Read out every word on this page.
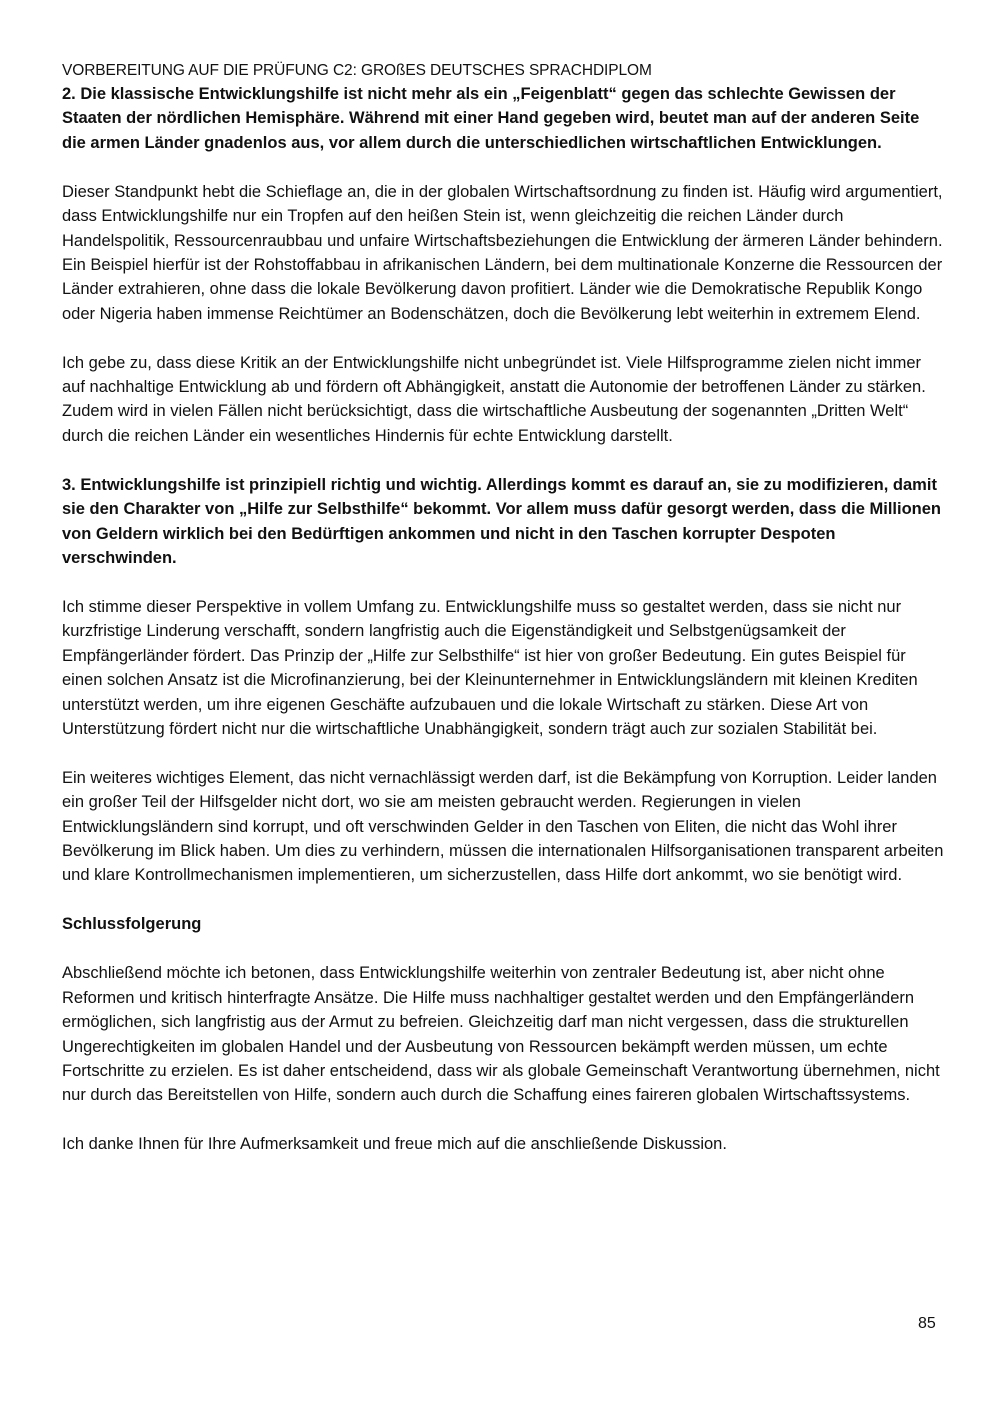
VORBEREITUNG AUF DIE PRÜFUNG C2: GROßES DEUTSCHES SPRACHDIPLOM

2. Die klassische Entwicklungshilfe ist nicht mehr als ein „Feigenblatt“ gegen das schlechte Gewissen der Staaten der nördlichen Hemisphäre. Während mit einer Hand gegeben wird, beutet man auf der anderen Seite die armen Länder gnadenlos aus, vor allem durch die unterschiedlichen wirtschaftlichen Entwicklungen.

Dieser Standpunkt hebt die Schieflage an, die in der globalen Wirtschaftsordnung zu finden ist. Häufig wird argumentiert, dass Entwicklungshilfe nur ein Tropfen auf den heißen Stein ist, wenn gleichzeitig die reichen Länder durch Handelspolitik, Ressourcenraubbau und unfaire Wirtschaftsbeziehungen die Entwicklung der ärmeren Länder behindern. Ein Beispiel hierfür ist der Rohstoffabbau in afrikanischen Ländern, bei dem multinationale Konzerne die Ressourcen der Länder extrahieren, ohne dass die lokale Bevölkerung davon profitiert. Länder wie die Demokratische Republik Kongo oder Nigeria haben immense Reichtümer an Bodenschätzen, doch die Bevölkerung lebt weiterhin in extremem Elend.

Ich gebe zu, dass diese Kritik an der Entwicklungshilfe nicht unbegründet ist. Viele Hilfsprogramme zielen nicht immer auf nachhaltige Entwicklung ab und fördern oft Abhängigkeit, anstatt die Autonomie der betroffenen Länder zu stärken. Zudem wird in vielen Fällen nicht berücksichtigt, dass die wirtschaftliche Ausbeutung der sogenannten „Dritten Welt“ durch die reichen Länder ein wesentliches Hindernis für echte Entwicklung darstellt.

3. Entwicklungshilfe ist prinzipiell richtig und wichtig. Allerdings kommt es darauf an, sie zu modifizieren, damit sie den Charakter von „Hilfe zur Selbsthilfe“ bekommt. Vor allem muss dafür gesorgt werden, dass die Millionen von Geldern wirklich bei den Bedürftigen ankommen und nicht in den Taschen korrupter Despoten verschwinden.

Ich stimme dieser Perspektive in vollem Umfang zu. Entwicklungshilfe muss so gestaltet werden, dass sie nicht nur kurzfristige Linderung verschafft, sondern langfristig auch die Eigenständigkeit und Selbstgenügsamkeit der Empfängerländer fördert. Das Prinzip der „Hilfe zur Selbsthilfe“ ist hier von großer Bedeutung. Ein gutes Beispiel für einen solchen Ansatz ist die Microfinanzierung, bei der Kleinunternehmer in Entwicklungsländern mit kleinen Krediten unterstützt werden, um ihre eigenen Geschäfte aufzubauen und die lokale Wirtschaft zu stärken. Diese Art von Unterstützung fördert nicht nur die wirtschaftliche Unabhängigkeit, sondern trägt auch zur sozialen Stabilität bei.

Ein weiteres wichtiges Element, das nicht vernachlässigt werden darf, ist die Bekämpfung von Korruption. Leider landen ein großer Teil der Hilfsgelder nicht dort, wo sie am meisten gebraucht werden. Regierungen in vielen Entwicklungsländern sind korrupt, und oft verschwinden Gelder in den Taschen von Eliten, die nicht das Wohl ihrer Bevölkerung im Blick haben. Um dies zu verhindern, müssen die internationalen Hilfsorganisationen transparent arbeiten und klare Kontrollmechanismen implementieren, um sicherzustellen, dass Hilfe dort ankommt, wo sie benötigt wird.

Schlussfolgerung

Abschließend möchte ich betonen, dass Entwicklungshilfe weiterhin von zentraler Bedeutung ist, aber nicht ohne Reformen und kritisch hinterfragte Ansätze. Die Hilfe muss nachhaltiger gestaltet werden und den Empfängerländern ermöglichen, sich langfristig aus der Armut zu befreien. Gleichzeitig darf man nicht vergessen, dass die strukturellen Ungerechtigkeiten im globalen Handel und der Ausbeutung von Ressourcen bekämpft werden müssen, um echte Fortschritte zu erzielen. Es ist daher entscheidend, dass wir als globale Gemeinschaft Verantwortung übernehmen, nicht nur durch das Bereitstellen von Hilfe, sondern auch durch die Schaffung eines faireren globalen Wirtschaftssystems.

Ich danke Ihnen für Ihre Aufmerksamkeit und freue mich auf die anschließende Diskussion.

85
